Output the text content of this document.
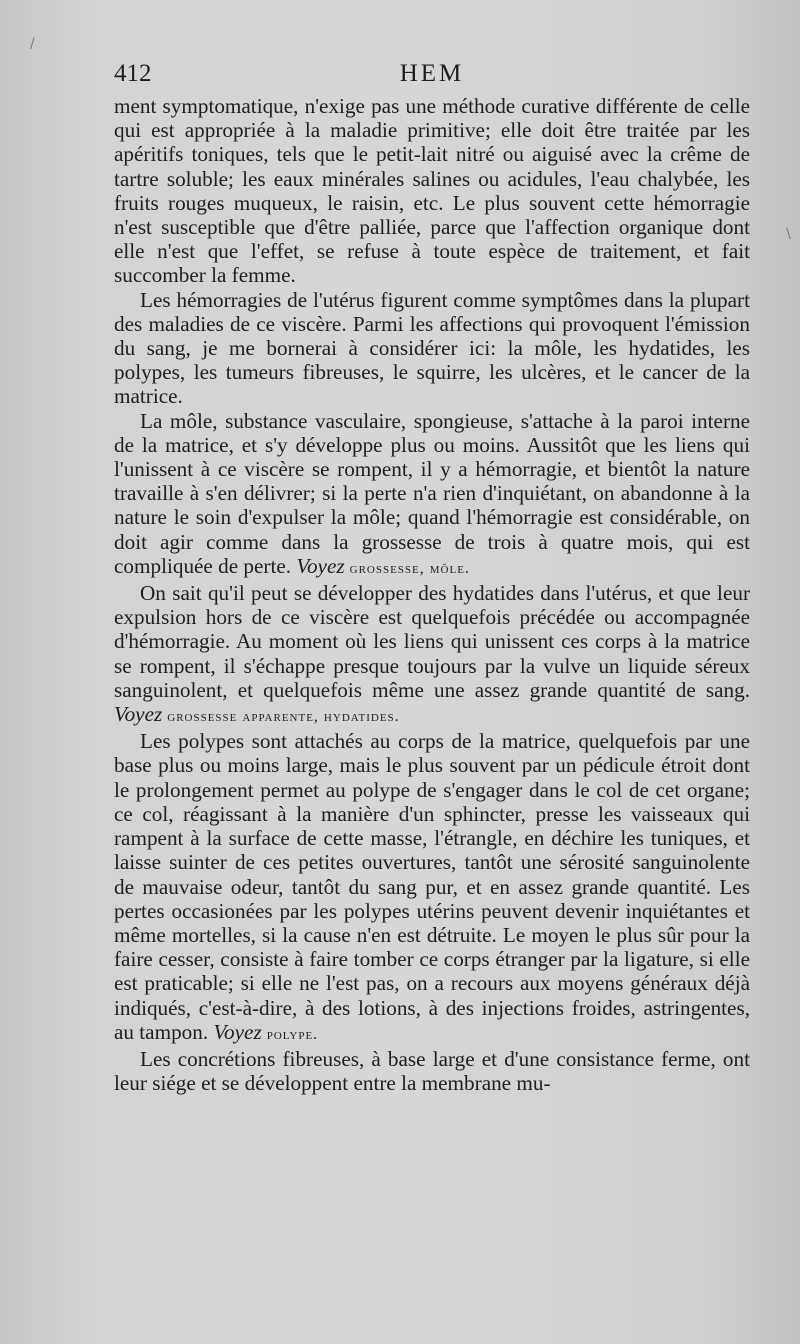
412	HEM

ment symptomatique, n'exige pas une méthode curative différente de celle qui est appropriée à la maladie primitive; elle doit être traitée par les apéritifs toniques, tels que le petit-lait nitré ou aiguisé avec la crême de tartre soluble; les eaux minérales salines ou acidules, l'eau chalybée, les fruits rouges muqueux, le raisin, etc. Le plus souvent cette hémorragie n'est susceptible que d'être palliée, parce que l'affection organique dont elle n'est que l'effet, se refuse à toute espèce de traitement, et fait succomber la femme.

Les hémorragies de l'utérus figurent comme symptômes dans la plupart des maladies de ce viscère. Parmi les affections qui provoquent l'émission du sang, je me bornerai à considérer ici: la môle, les hydatides, les polypes, les tumeurs fibreuses, le squirre, les ulcères, et le cancer de la matrice.

La môle, substance vasculaire, spongieuse, s'attache à la paroi interne de la matrice, et s'y développe plus ou moins. Aussitôt que les liens qui l'unissent à ce viscère se rompent, il y a hémorragie, et bientôt la nature travaille à s'en délivrer; si la perte n'a rien d'inquiétant, on abandonne à la nature le soin d'expulser la môle; quand l'hémorragie est considérable, on doit agir comme dans la grossesse de trois à quatre mois, qui est compliquée de perte. Voyez grossesse, môle.

On sait qu'il peut se développer des hydatides dans l'utérus, et que leur expulsion hors de ce viscère est quelquefois précédée ou accompagnée d'hémorragie. Au moment où les liens qui unissent ces corps à la matrice se rompent, il s'échappe presque toujours par la vulve un liquide séreux sanguinolent, et quelquefois même une assez grande quantité de sang. Voyez grossesse apparente, hydatides.

Les polypes sont attachés au corps de la matrice, quelquefois par une base plus ou moins large, mais le plus souvent par un pédicule étroit dont le prolongement permet au polype de s'engager dans le col de cet organe; ce col, réagissant à la manière d'un sphincter, presse les vaisseaux qui rampent à la surface de cette masse, l'étrangle, en déchire les tuniques, et laisse suinter de ces petites ouvertures, tantôt une sérosité sanguinolente de mauvaise odeur, tantôt du sang pur, et en assez grande quantité. Les pertes occasionées par les polypes utérins peuvent devenir inquiétantes et même mortelles, si la cause n'en est détruite. Le moyen le plus sûr pour la faire cesser, consiste à faire tomber ce corps étranger par la ligature, si elle est praticable; si elle ne l'est pas, on a recours aux moyens généraux déjà indiqués, c'est-à-dire, à des lotions, à des injections froides, astringentes, au tampon. Voyez polype.

Les concrétions fibreuses, à base large et d'une consistance ferme, ont leur siége et se développent entre la membrane mu-

/
\
